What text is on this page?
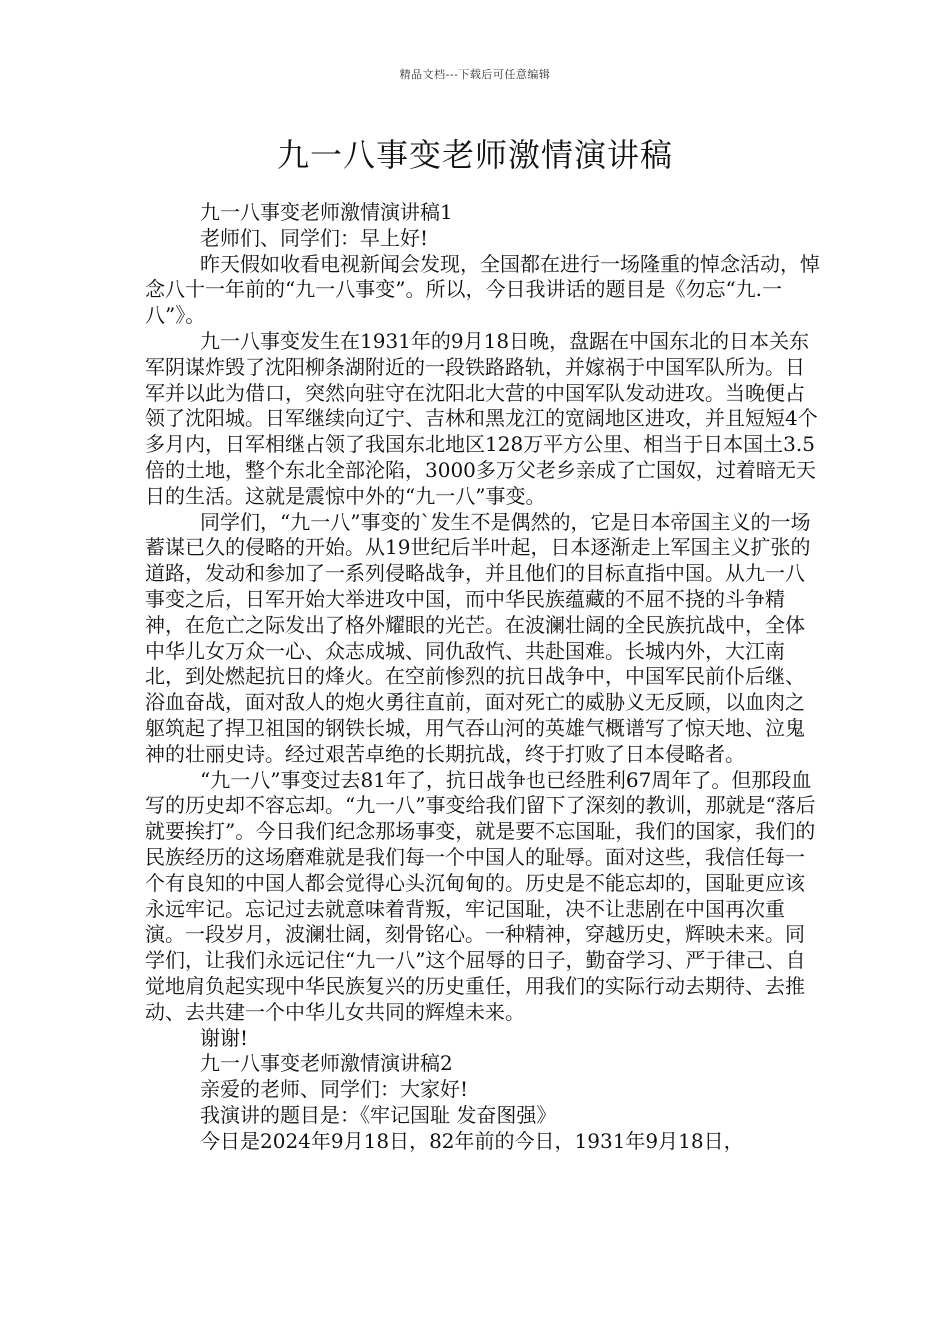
精品文档---下载后可任意编辑
九一八事变老师激情演讲稿

九一八事变老师激情演讲稿1

老师们、同学们：早上好!

昨天假如收看电视新闻会发现，全国都在进行一场隆重的悼念活动，悼念八十一年前的“九一八事变”。所以，今日我讲话的题目是《勿忘“九.一八”》。

九一八事变发生在1931年的9月18日晚，盘踞在中国东北的日本关东军阴谋炸毁了沈阳柳条湖附近的一段铁路路轨，并嫁祸于中国军队所为。日军并以此为借口，突然向驻守在沈阳北大营的中国军队发动进攻。当晚便占领了沈阳城。日军继续向辽宁、吉林和黑龙江的宽阔地区进攻，并且短短4个多月内，日军相继占领了我国东北地区128万平方公里、相当于日本国土3.5倍的土地，整个东北全部沦陷，3000多万父老乡亲成了亡国奴，过着暗无天日的生活。这就是震惊中外的“九一八”事变。

同学们，“九一八”事变的`发生不是偶然的，它是日本帝国主义的一场蓄谋已久的侵略的开始。从19世纪后半叶起，日本逐渐走上军国主义扩张的道路，发动和参加了一系列侵略战争，并且他们的目标直指中国。从九一八事变之后，日军开始大举进攻中国，而中华民族蕴藏的不屈不挠的斗争精神，在危亡之际发出了格外耀眼的光芒。在波澜壮阔的全民族抗战中，全体中华儿女万众一心、众志成城、同仇敌忾、共赴国难。长城内外，大江南北，到处燃起抗日的烽火。在空前惨烈的抗日战争中，中国军民前仆后继、浴血奋战，面对敌人的炮火勇往直前，面对死亡的威胁义无反顾，以血肉之躯筑起了捍卫祖国的钢铁长城，用气吞山河的英雄气概谱写了惊天地、泣鬼神的壮丽史诗。经过艰苦卓绝的长期抗战，终于打败了日本侵略者。

“九一八”事变过去81年了，抗日战争也已经胜利67周年了。但那段血写的历史却不容忘却。“九一八”事变给我们留下了深刻的教训，那就是“落后就要挨打”。今日我们纪念那场事变，就是要不忘国耻，我们的国家，我们的民族经历的这场磨难就是我们每一个中国人的耻辱。面对这些，我信任每一个有良知的中国人都会觉得心头沉甸甸的。历史是不能忘却的，国耻更应该永远牢记。忘记过去就意味着背叛，牢记国耻，决不让悲剧在中国再次重演。一段岁月，波澜壮阔，刻骨铭心。一种精神，穿越历史，辉映未来。同学们，让我们永远记住“九一八”这个屈辱的日子，勤奋学习、严于律己、自觉地肩负起实现中华民族复兴的历史重任，用我们的实际行动去期待、去推动、去共建一个中华儿女共同的辉煌未来。

谢谢!

九一八事变老师激情演讲稿2

亲爱的老师、同学们：大家好!

我演讲的题目是：《牢记国耻 发奋图强》

今日是2024年9月18日，82年前的今日，1931年9月18日，
